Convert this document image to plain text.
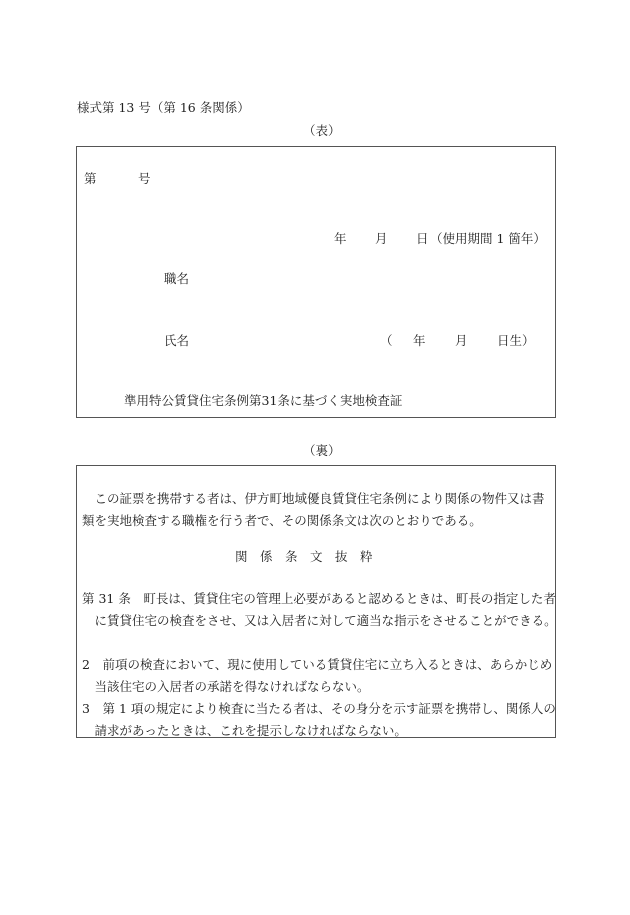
様式第 13 号（第 16 条関係）
（表）
第	号
年 月 日 （使用期間 1 箇年）
職名
氏名	（ 年 月 日生）
準用特公賃貸住宅条例第31条に基づく実地検査証
（裏）
この証票を携帯する者は、伊方町地域優良賃貸住宅条例により関係の物件又は書類を実地検査する職権を行う者で、その関係条文は次のとおりである。
関　係　条　文　抜　粋
第 31 条　 町長は、賃貸住宅の管理上必要があると認めるときは、町長の指定した者に賃貸住宅の検査をさせ、又は入居者に対して適当な指示をさせることができる。
2　 前項の検査において、現に使用している賃貸住宅に立ち入るときは、あらかじめ当該住宅の入居者の承諾を得なければならない。
3　 第 1 項の規定により検査に当たる者は、その身分を示す証票を携帯し、関係人の請求があったときは、これを提示しなければならない。
